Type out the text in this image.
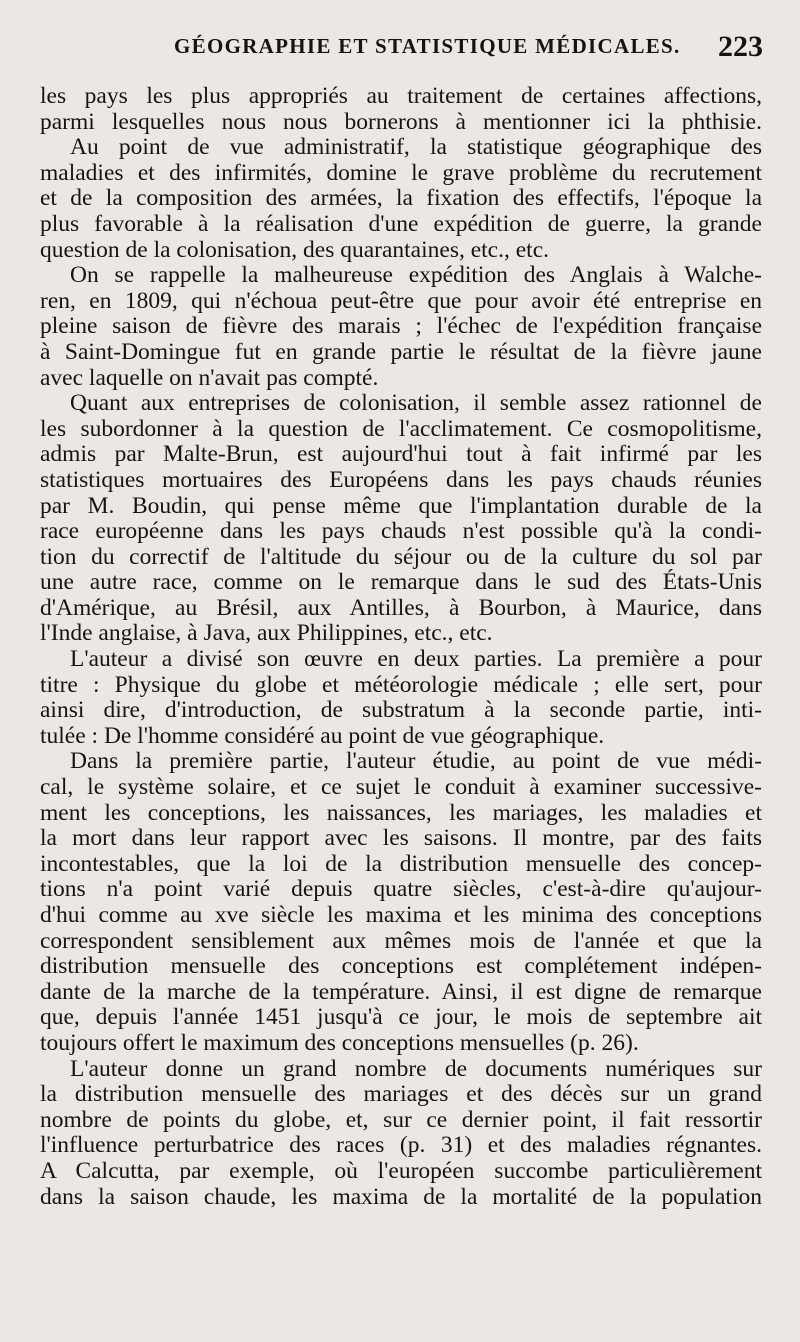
GÉOGRAPHIE ET STATISTIQUE MÉDICALES. 223
les pays les plus appropriés au traitement de certaines affections,
parmi lesquelles nous nous bornerons à mentionner ici la phthisie.
Au point de vue administratif, la statistique géographique des
maladies et des infirmités, domine le grave problème du recrutement
et de la composition des armées, la fixation des effectifs, l'époque la
plus favorable à la réalisation d'une expédition de guerre, la grande
question de la colonisation, des quarantaines, etc., etc.
On se rappelle la malheureuse expédition des Anglais à Walche-
ren, en 1809, qui n'échoua peut-être que pour avoir été entreprise en
pleine saison de fièvre des marais ; l'échec de l'expédition française
à Saint-Domingue fut en grande partie le résultat de la fièvre jaune
avec laquelle on n'avait pas compté.
Quant aux entreprises de colonisation, il semble assez rationnel de
les subordonner à la question de l'acclimatement. Ce cosmopolitisme,
admis par Malte-Brun, est aujourd'hui tout à fait infirmé par les
statistiques mortuaires des Européens dans les pays chauds réunies
par M. Boudin, qui pense même que l'implantation durable de la
race européenne dans les pays chauds n'est possible qu'à la condi-
tion du correctif de l'altitude du séjour ou de la culture du sol par
une autre race, comme on le remarque dans le sud des États-Unis
d'Amérique, au Brésil, aux Antilles, à Bourbon, à Maurice, dans
l'Inde anglaise, à Java, aux Philippines, etc., etc.
L'auteur a divisé son œuvre en deux parties. La première a pour
titre : Physique du globe et météorologie médicale ; elle sert, pour
ainsi dire, d'introduction, de substratum à la seconde partie, inti-
tulée : De l'homme considéré au point de vue géographique.
Dans la première partie, l'auteur étudie, au point de vue médi-
cal, le système solaire, et ce sujet le conduit à examiner successive-
ment les conceptions, les naissances, les mariages, les maladies et
la mort dans leur rapport avec les saisons. Il montre, par des faits
incontestables, que la loi de la distribution mensuelle des concep-
tions n'a point varié depuis quatre siècles, c'est-à-dire qu'aujour-
d'hui comme au xve siècle les maxima et les minima des conceptions
correspondent sensiblement aux mêmes mois de l'année et que la
distribution mensuelle des conceptions est complétement indépen-
dante de la marche de la température. Ainsi, il est digne de remarque
que, depuis l'année 1451 jusqu'à ce jour, le mois de septembre ait
toujours offert le maximum des conceptions mensuelles (p. 26).
L'auteur donne un grand nombre de documents numériques sur
la distribution mensuelle des mariages et des décès sur un grand
nombre de points du globe, et, sur ce dernier point, il fait ressortir
l'influence perturbatrice des races (p. 31) et des maladies régnantes.
A Calcutta, par exemple, où l'européen succombe particulièrement
dans la saison chaude, les maxima de la mortalité de la population
